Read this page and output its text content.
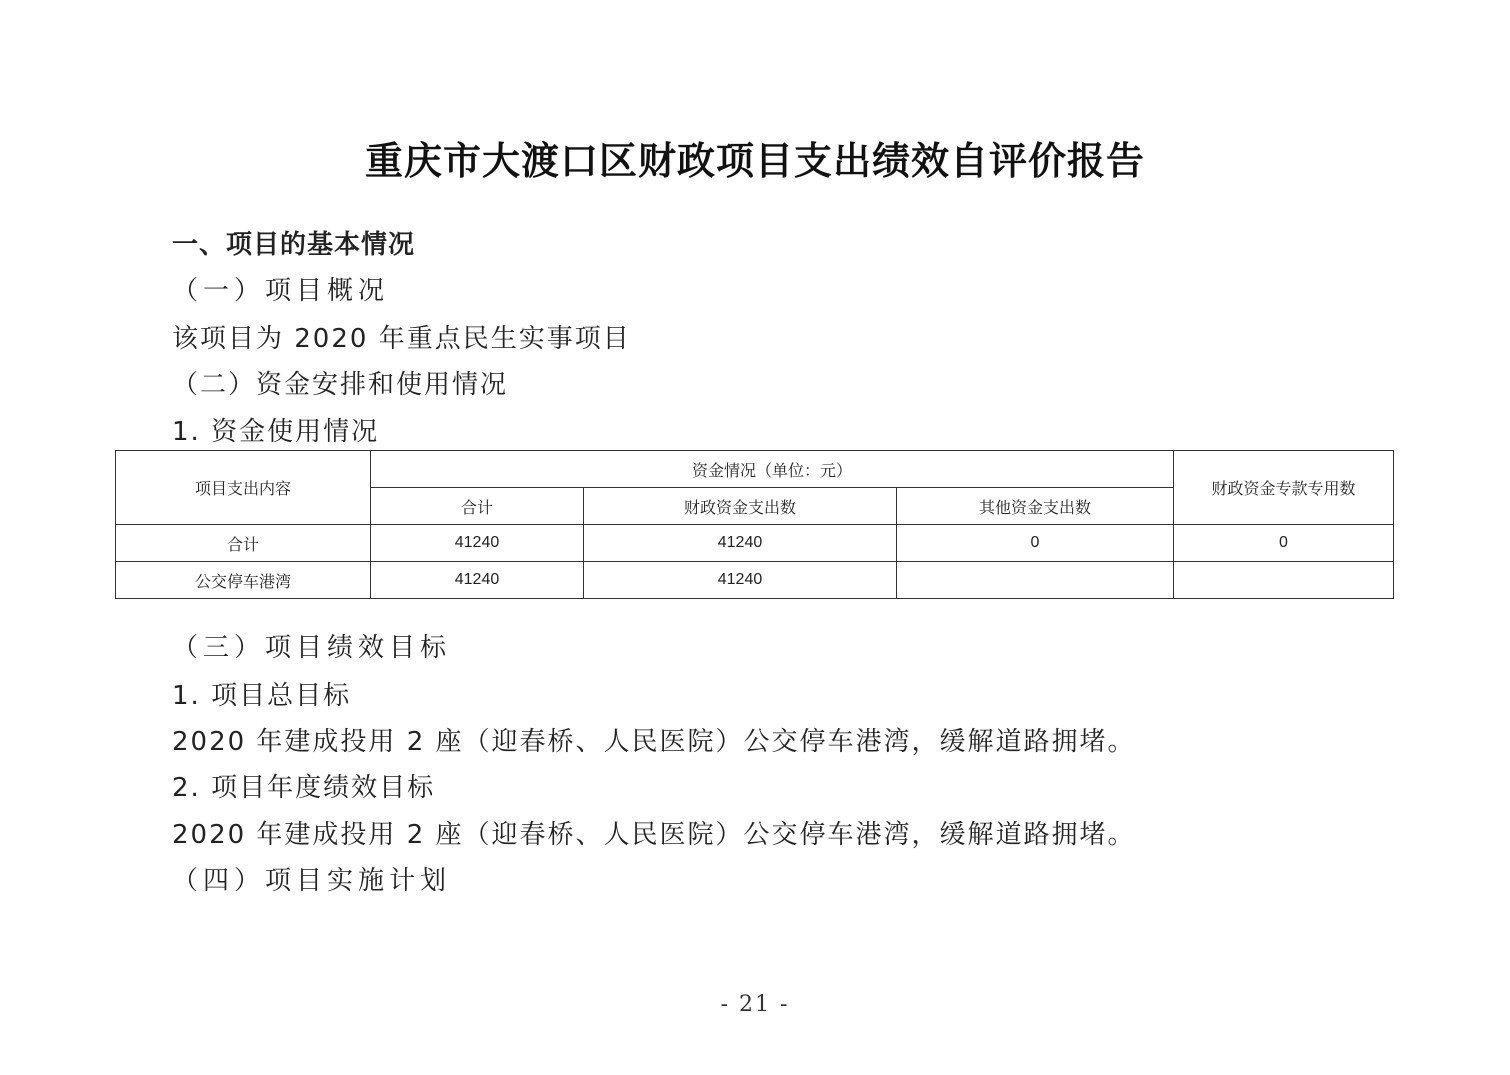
重庆市大渡口区财政项目支出绩效自评价报告
一、项目的基本情况
（一）项目概况
该项目为 2020 年重点民生实事项目
（二）资金安排和使用情况
1. 资金使用情况
项目支出内容	资金情况（单位：元）			财政资金专款专用数
	合计	财政资金支出数	其他资金支出数	
合计	41240	41240	0	0
公交停车港湾	41240	41240		
（三）项目绩效目标
1. 项目总目标
2020 年建成投用 2 座（迎春桥、人民医院）公交停车港湾，缓解道路拥堵。
2. 项目年度绩效目标
2020 年建成投用 2 座（迎春桥、人民医院）公交停车港湾，缓解道路拥堵。
（四）项目实施计划
- 21 -
